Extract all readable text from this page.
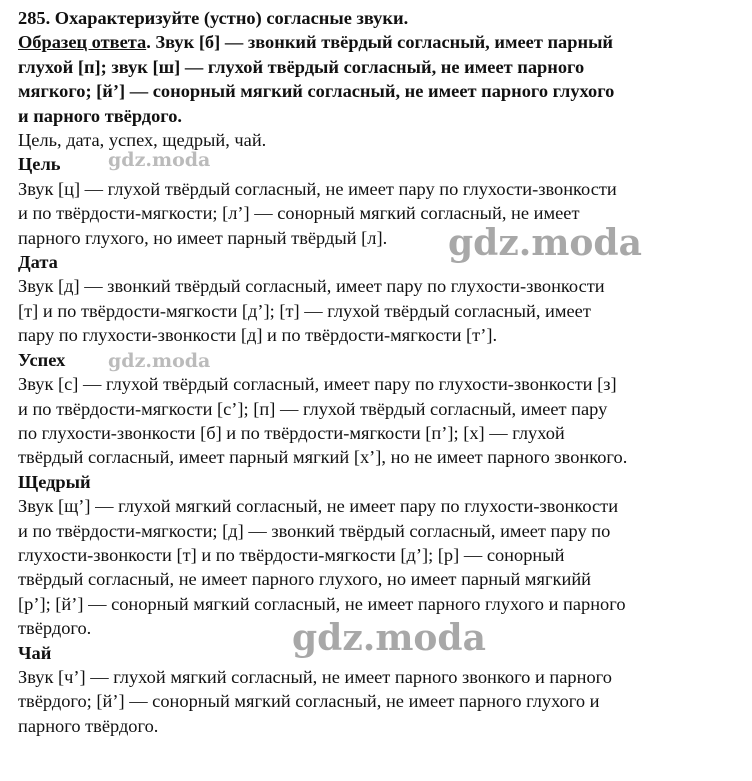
285. Охарактеризуйте (устно) согласные звуки.
Образец ответа. Звук [б] — звонкий твёрдый согласный, имеет парный
глухой [п]; звук [ш] — глухой твёрдый согласный, не имеет парного
мягкого; [й’] — сонорный мягкий согласный, не имеет парного глухого
и парного твёрдого.
Цель, дата, успех, щедрый, чай.
Цель
Звук [ц] — глухой твёрдый согласный, не имеет пару по глухости-звонкости
и по твёрдости-мягкости; [л’] — сонорный мягкий согласный, не имеет
парного глухого, но имеет парный твёрдый [л].
Дата
Звук [д] — звонкий твёрдый согласный, имеет пару по глухости-звонкости
[т] и по твёрдости-мягкости [д’]; [т] — глухой твёрдый согласный, имеет
пару по глухости-звонкости [д] и по твёрдости-мягкости [т’].
Успех
Звук [с] — глухой твёрдый согласный, имеет пару по глухости-звонкости [з]
и по твёрдости-мягкости [с’]; [п] — глухой твёрдый согласный, имеет пару
по глухости-звонкости [б] и по твёрдости-мягкости [п’]; [х] — глухой
твёрдый согласный, имеет парный мягкий [х’], но не имеет парного звонкого.
Щедрый
Звук [щ’] — глухой мягкий согласный, не имеет пару по глухости-звонкости
и по твёрдости-мягкости; [д] — звонкий твёрдый согласный, имеет пару по
глухости-звонкости [т] и по твёрдости-мягкости [д’]; [р] — сонорный
твёрдый согласный, не имеет парного глухого, но имеет парный мягкийй
[р’]; [й’] — сонорный мягкий согласный, не имеет парного глухого и парного
твёрдого.
Чай
Звук [ч’] — глухой мягкий согласный, не имеет парного звонкого и парного
твёрдого; [й’] — сонорный мягкий согласный, не имеет парного глухого и
парного твёрдого.
gdz.moda
gdz.moda
gdz.moda
gdz.moda
